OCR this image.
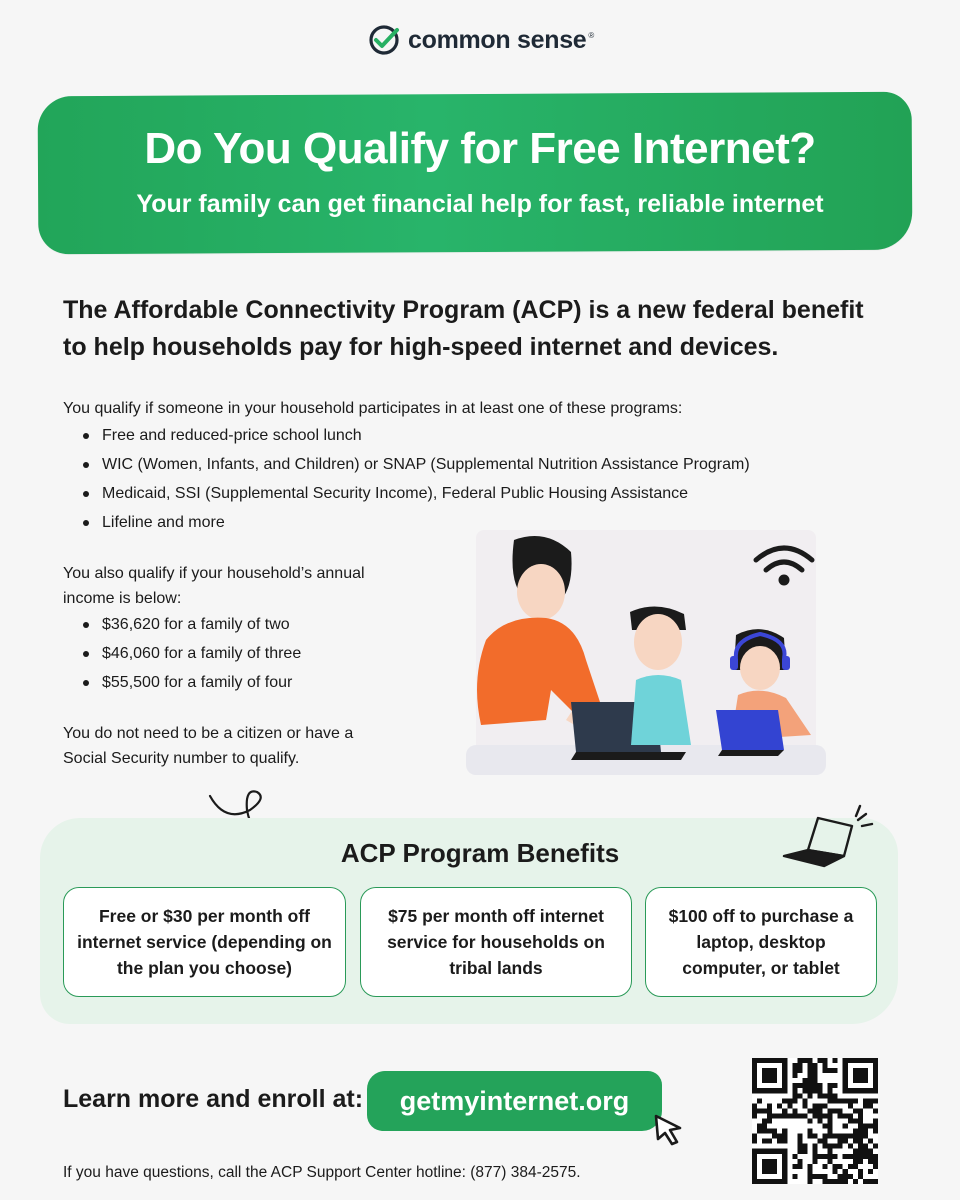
common sense ®
Do You Qualify for Free Internet?
Your family can get financial help for fast, reliable internet
The Affordable Connectivity Program (ACP) is a new federal benefit to help households pay for high-speed internet and devices.
You qualify if someone in your household participates in at least one of these programs:
Free and reduced-price school lunch
WIC (Women, Infants, and Children) or SNAP (Supplemental Nutrition Assistance Program)
Medicaid, SSI (Supplemental Security Income), Federal Public Housing Assistance
Lifeline and more
You also qualify if your household’s annual income is below:
$36,620 for a family of two
$46,060 for a family of three
$55,500 for a family of four
You do not need to be a citizen or have a Social Security number to qualify.
ACP Program Benefits
Free or $30 per month off internet service (depending on the plan you choose)
$75 per month off internet service for households on tribal lands
$100 off to purchase a laptop, desktop computer, or tablet
Learn more and enroll at:	getmyinternet.org
If you have questions, call the ACP Support Center hotline: (877) 384-2575.
